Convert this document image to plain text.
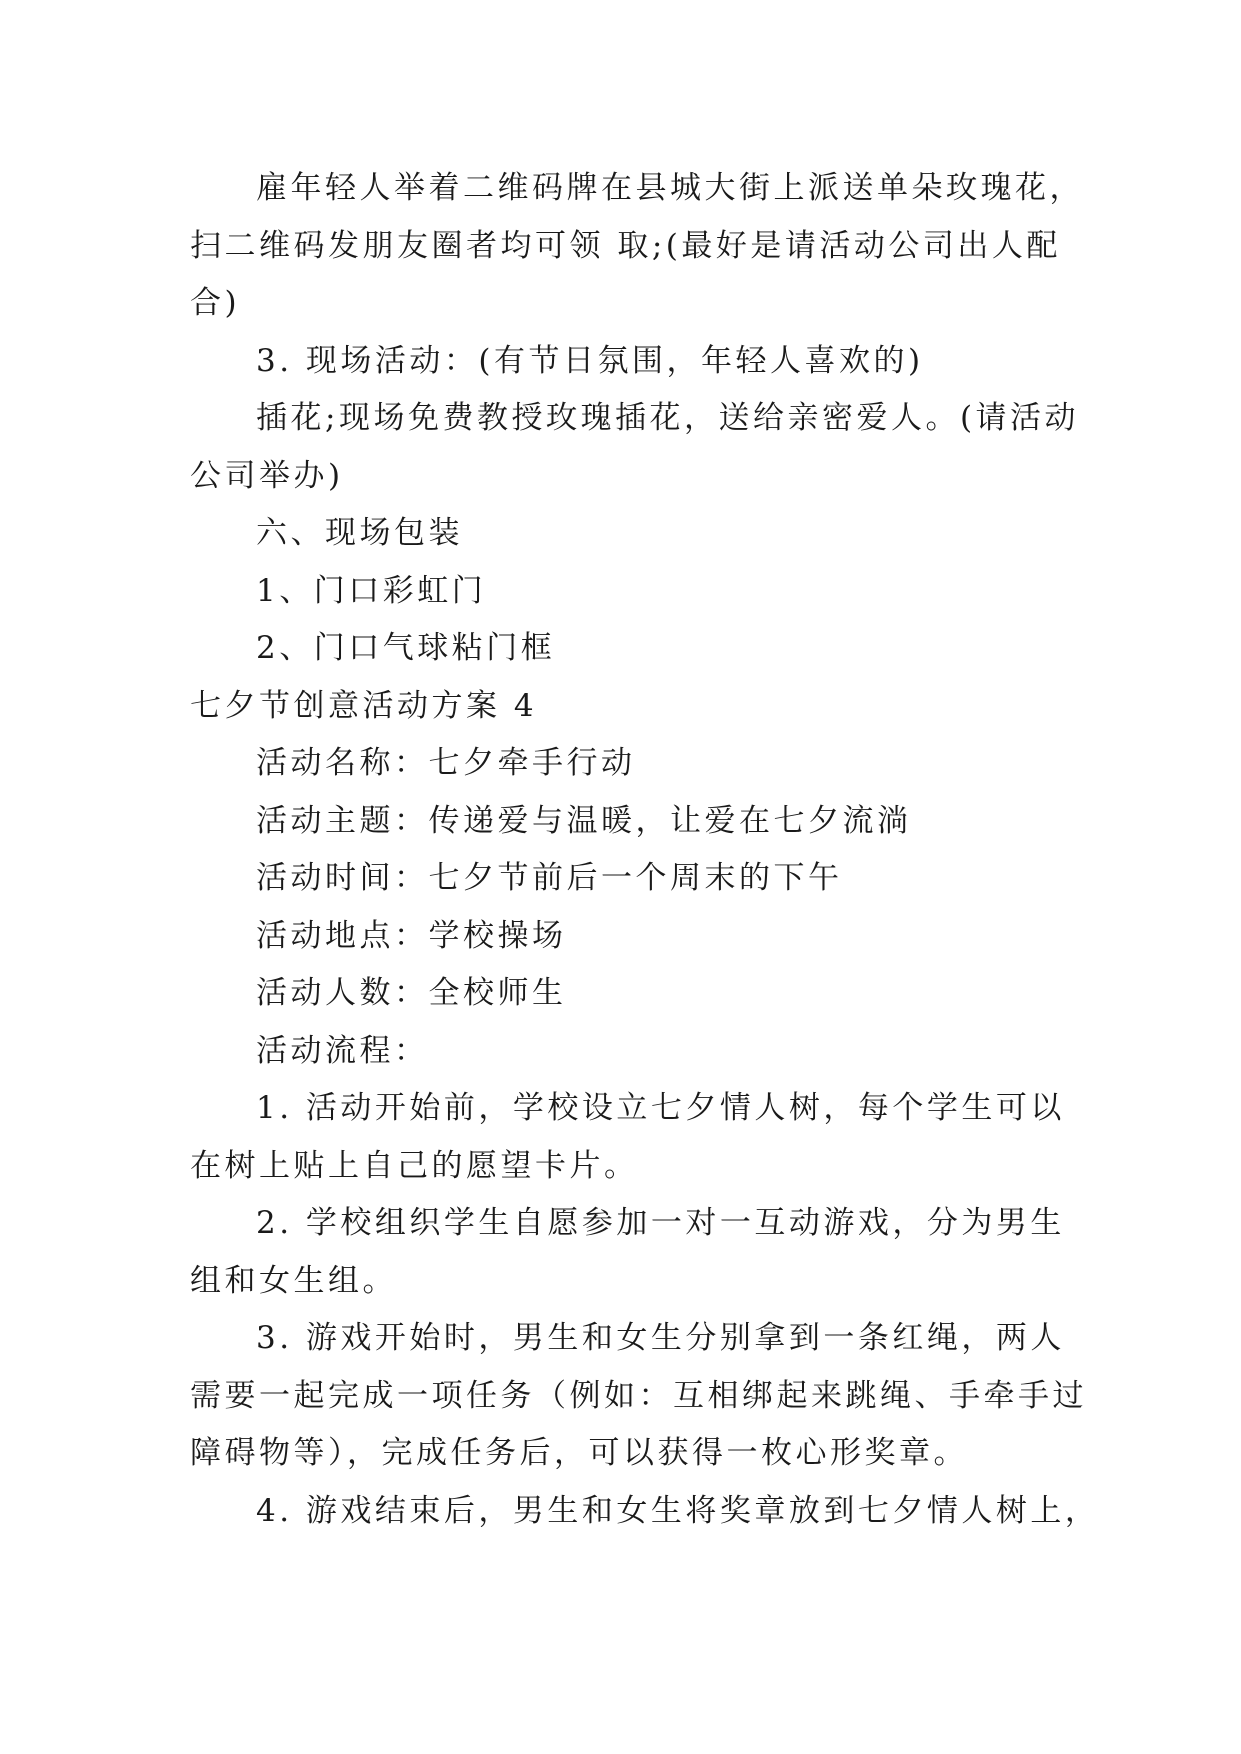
雇年轻人举着二维码牌在县城大街上派送单朵玫瑰花，
扫二维码发朋友圈者均可领 取;(最好是请活动公司出人配
合)
3. 现场活动：(有节日氛围，年轻人喜欢的)
插花;现场免费教授玫瑰插花，送给亲密爱人。(请活动
公司举办)
六、现场包装
1、门口彩虹门
2、门口气球粘门框
七夕节创意活动方案 4
活动名称：七夕牵手行动
活动主题：传递爱与温暖，让爱在七夕流淌
活动时间：七夕节前后一个周末的下午
活动地点：学校操场
活动人数：全校师生
活动流程：
1. 活动开始前，学校设立七夕情人树，每个学生可以
在树上贴上自己的愿望卡片。
2. 学校组织学生自愿参加一对一互动游戏，分为男生
组和女生组。
3. 游戏开始时，男生和女生分别拿到一条红绳，两人
需要一起完成一项任务（例如：互相绑起来跳绳、手牵手过
障碍物等），完成任务后，可以获得一枚心形奖章。
4. 游戏结束后，男生和女生将奖章放到七夕情人树上，
